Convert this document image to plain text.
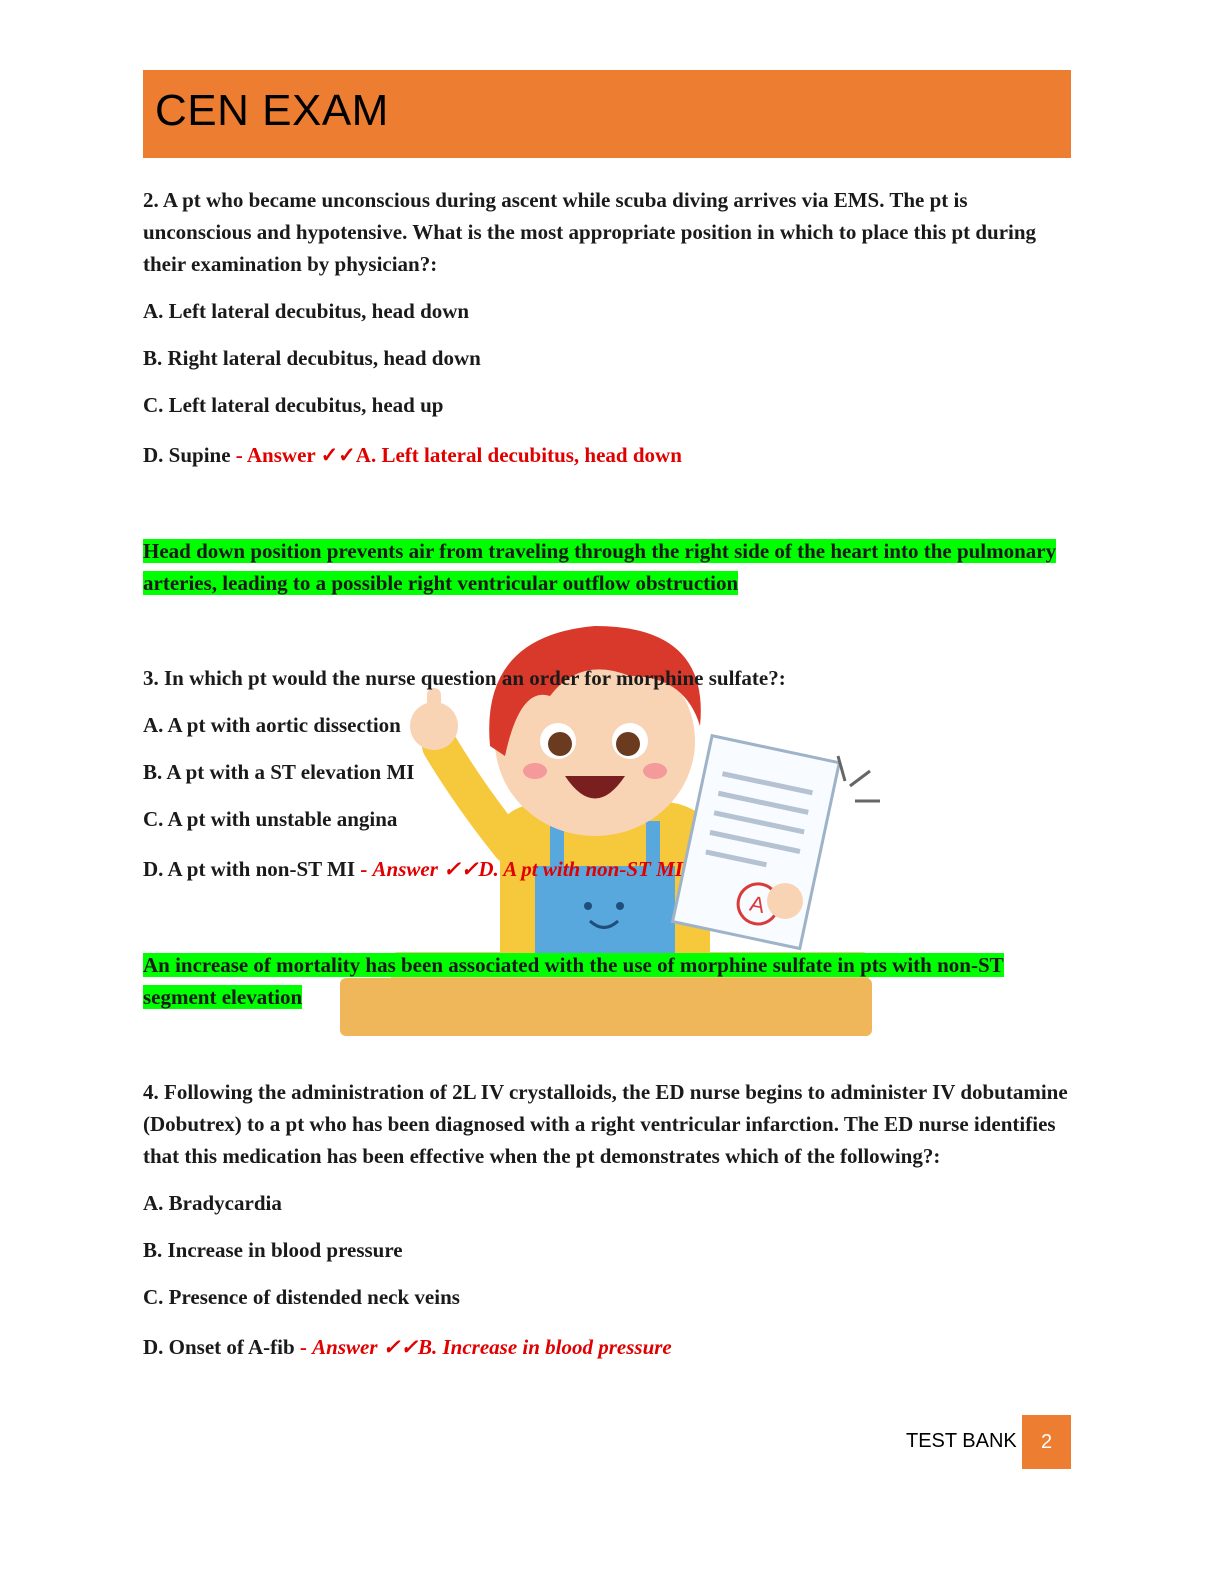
CEN EXAM
A

2. A pt who became unconscious during ascent while scuba diving arrives via EMS. The pt is unconscious and hypotensive. What is the most appropriate position in which to place this pt during their examination by physician?:

A. Left lateral decubitus, head down

B. Right lateral decubitus, head down

C. Left lateral decubitus, head up

D. Supine - Answer ✓✓A. Left lateral decubitus, head down

Head down position prevents air from traveling through the right side of the heart into the pulmonary arteries, leading to a possible right ventricular outflow obstruction

3. In which pt would the nurse question an order for morphine sulfate?:

A. A pt with aortic dissection

B. A pt with a ST elevation MI

C. A pt with unstable angina

D. A pt with non-ST MI - Answer ✓✓D. A pt with non-ST MI

An increase of mortality has been associated with the use of morphine sulfate in pts with non-ST segment elevation

4. Following the administration of 2L IV crystalloids, the ED nurse begins to administer IV dobutamine (Dobutrex) to a pt who has been diagnosed with a right ventricular infarction. The ED nurse identifies that this medication has been effective when the pt demonstrates which of the following?:

A. Bradycardia

B. Increase in blood pressure

C. Presence of distended neck veins

D. Onset of A-fib - Answer ✓✓B. Increase in blood pressure

TEST BANK	2
